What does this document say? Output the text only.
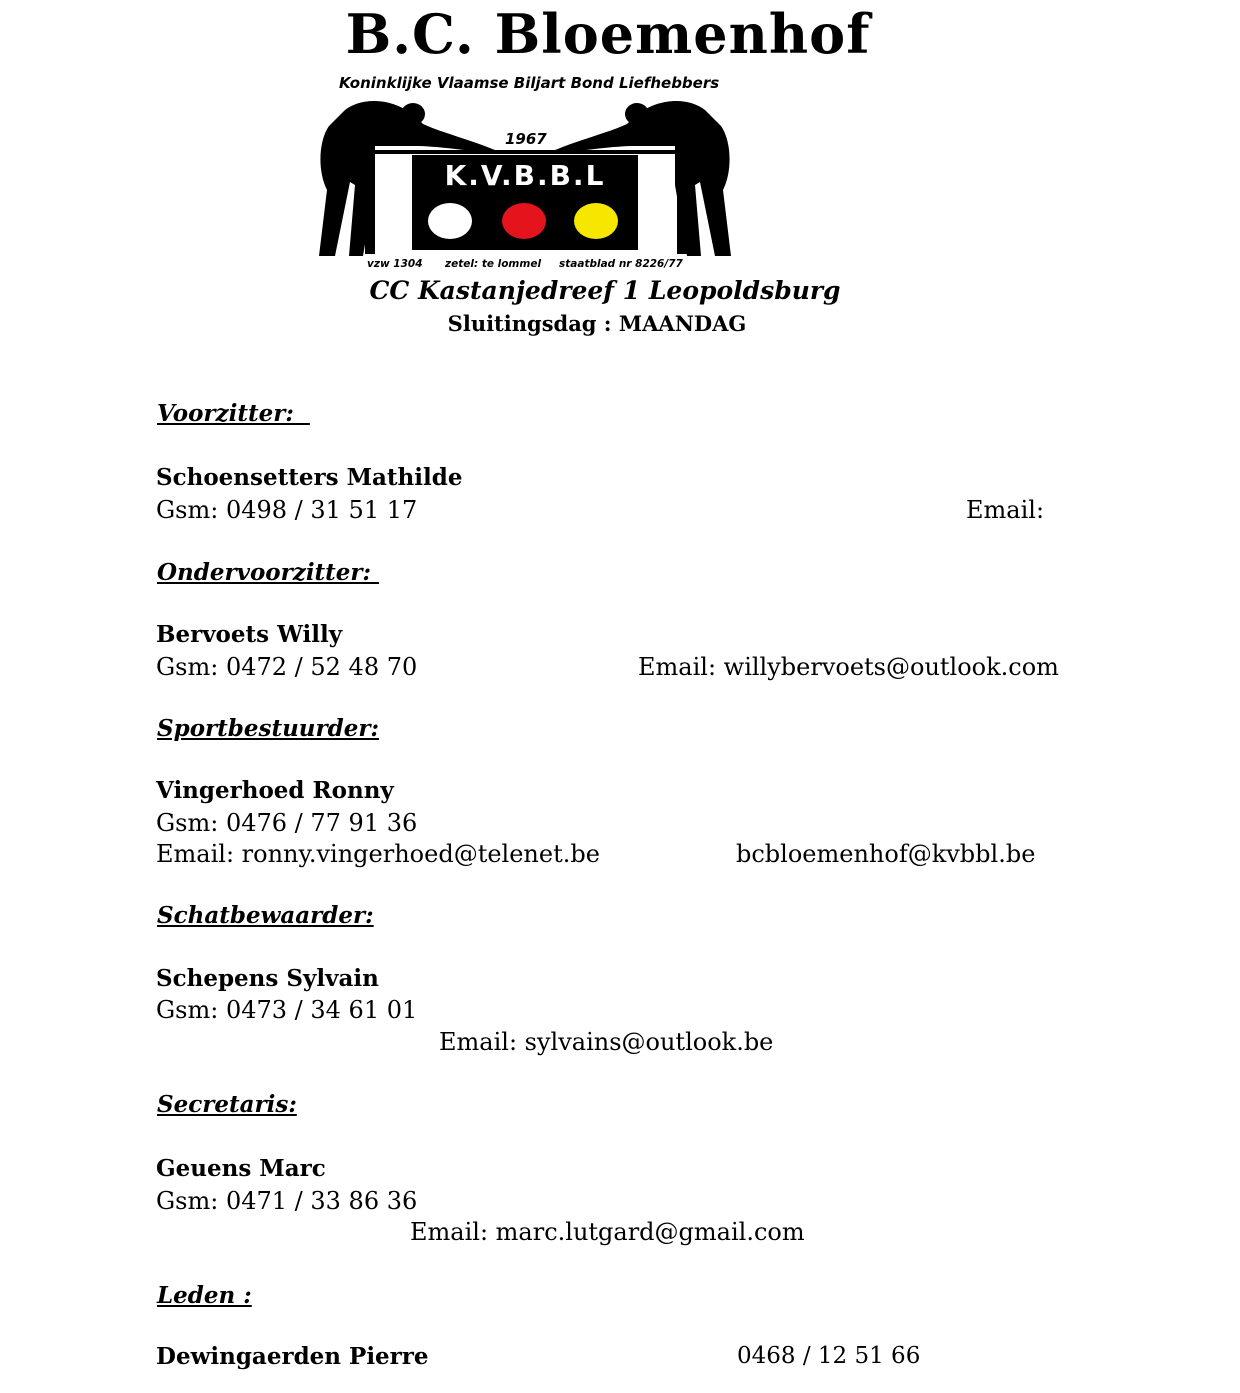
B.C. Bloemenhof
Koninklijke Vlaamse Biljart Bond Liefhebbers
1967
K.V.B.B.L
vzw 1304 zetel: te lommel staatblad nr 8226/77
CC Kastanjedreef 1 Leopoldsburg
Sluitingsdag : MAANDAG
Voorzitter:
Schoensetters Mathilde
Gsm: 0498 / 31 51 17	Email:
Ondervoorzitter:
Bervoets Willy
Gsm: 0472 / 52 48 70	Email: willybervoets@outlook.com
Sportbestuurder:
Vingerhoed Ronny
Gsm: 0476 / 77 91 36
Email: ronny.vingerhoed@telenet.be	bcbloemenhof@kvbbl.be
Schatbewaarder:
Schepens Sylvain
Gsm: 0473 / 34 61 01
Email: sylvains@outlook.be
Secretaris:
Geuens Marc
Gsm: 0471 / 33 86 36
Email: marc.lutgard@gmail.com
Leden :
Dewingaerden Pierre	0468 / 12 51 66
